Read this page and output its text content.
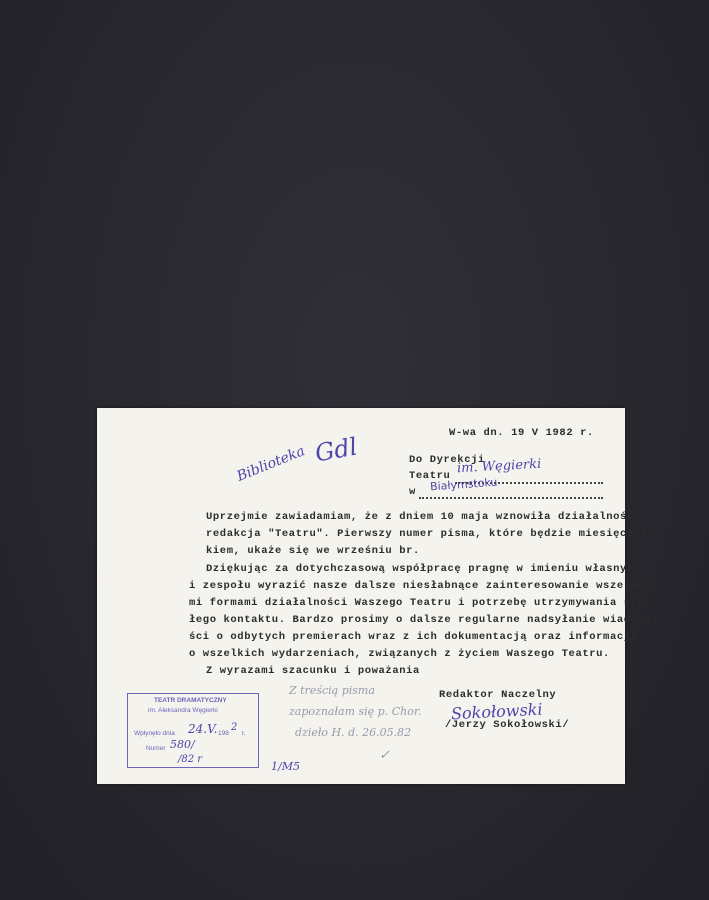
W-wa dn. 19 V 1982 r.
Do Dyrekcji
Teatru
w
im. Węgierki
Białymstoku
Biblioteka Gdl
Uprzejmie zawiadamiam, że z dniem 10 maja wznowiła działalność
redakcja "Teatru". Pierwszy numer pisma, które będzie miesięczni-
kiem, ukaże się we wrześniu br.
Dziękując za dotychczasową współpracę pragnę w imieniu własnym
i zespołu wyrazić nasze dalsze niesłabnące zainteresowanie wszelki-
mi formami działalności Waszego Teatru i potrzebę utrzymywania sta-
łego kontaktu. Bardzo prosimy o dalsze regularne nadsyłanie wiadomo-
ści o odbytych premierach wraz z ich dokumentacją oraz informacji
o wszelkich wydarzeniach, związanych z życiem Waszego Teatru.
Z wyrazami szacunku i poważania
Redaktor Naczelny
/Jerzy Sokołowski/
Sokołowski
Z treścią pisma
zapoznałam się p. Chor.
dzieło H. d. 26.05.82
✓
TEATR DRAMATYCZNY
im. Aleksandra Węgierki
Wpłynęło dnia 24.V. 198
2
r.
Numer 580/
/82 r
1/M5
